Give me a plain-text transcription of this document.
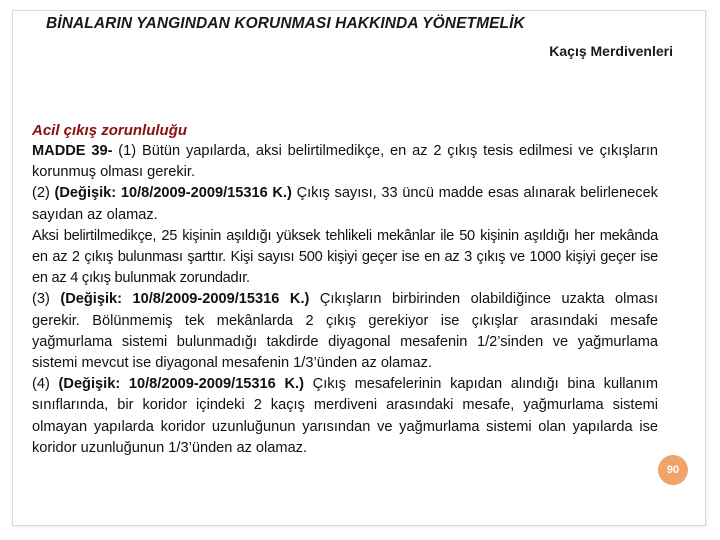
BİNALARIN YANGINDAN KORUNMASI HAKKINDA YÖNETMELİK
Kaçış Merdivenleri
Acil çıkış zorunluluğu

MADDE 39- (1) Bütün yapılarda, aksi belirtilmedikçe, en az 2 çıkış tesis edilmesi ve çıkışların korunmuş olması gerekir.

(2) (Değişik: 10/8/2009-2009/15316 K.) Çıkış sayısı, 33 üncü madde esas alınarak belirlenecek sayıdan az olamaz.

Aksi belirtilmedikçe, 25 kişinin aşıldığı yüksek tehlikeli mekânlar ile 50 kişinin aşıldığı her mekânda en az 2 çıkış bulunması şarttır. Kişi sayısı 500 kişiyi geçer ise en az 3 çıkış ve 1000 kişiyi geçer ise en az 4 çıkış bulunmak zorundadır.

(3) (Değişik: 10/8/2009-2009/15316 K.) Çıkışların birbirinden olabildiğince uzakta olması gerekir. Bölünmemiş tek mekânlarda 2 çıkış gerekiyor ise çıkışlar arasındaki mesafe yağmurlama sistemi bulunmadığı takdirde diyagonal mesafenin 1/2’sinden ve yağmurlama sistemi mevcut ise diyagonal mesafenin 1/3’ünden az olamaz.

(4) (Değişik: 10/8/2009-2009/15316 K.) Çıkış mesafelerinin kapıdan alındığı bina kullanım sınıflarında, bir koridor içindeki 2 kaçış merdiveni arasındaki mesafe, yağmurlama sistemi olmayan yapılarda koridor uzunluğunun yarısından ve yağmurlama sistemi olan yapılarda ise koridor uzunluğunun 1/3’ünden az olamaz.

90
